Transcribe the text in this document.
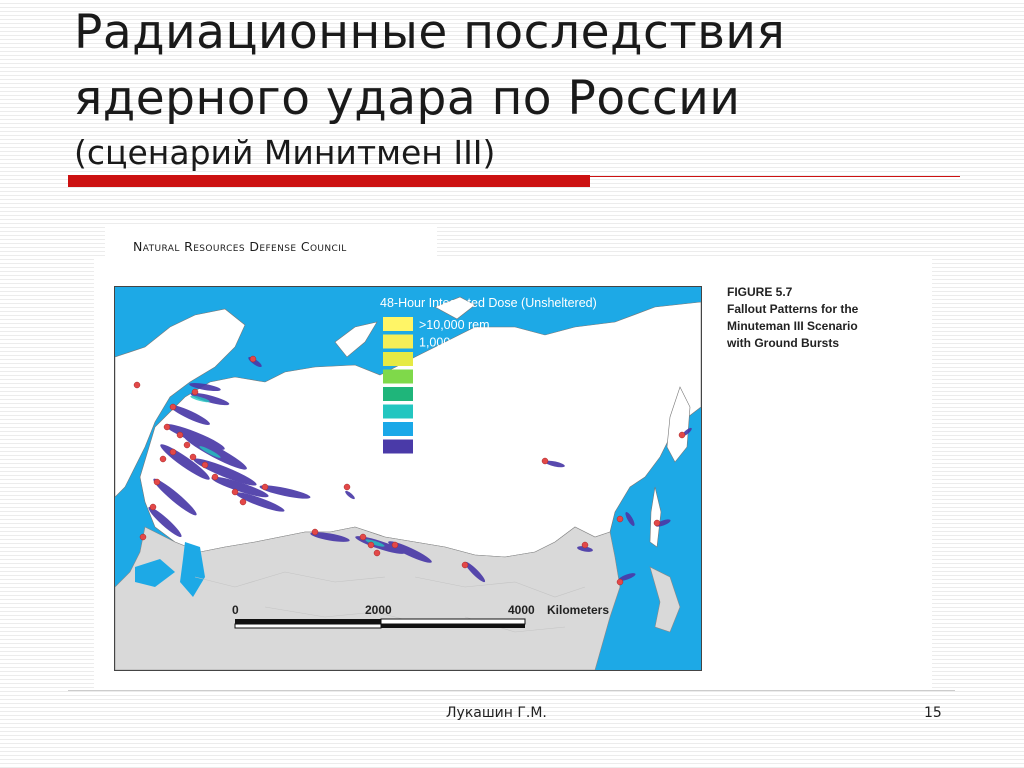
Радиационные последствия
ядерного удара по России
(сценарий Минитмен III)
Natural Resources Defense Council
48-Hour Integrated Dose (Unsheltered)
>10,000 rem
1,000-10,000 rem
800-1000 rem
450-800 rem
200-450 rem
100-200 rem
50-100 rem
10-50 rem
0	2000	4000 Kilometers
FIGURE 5.7
Fallout Patterns for the
Minuteman III Scenario
with Ground Bursts
Лукашин Г.М.	15
